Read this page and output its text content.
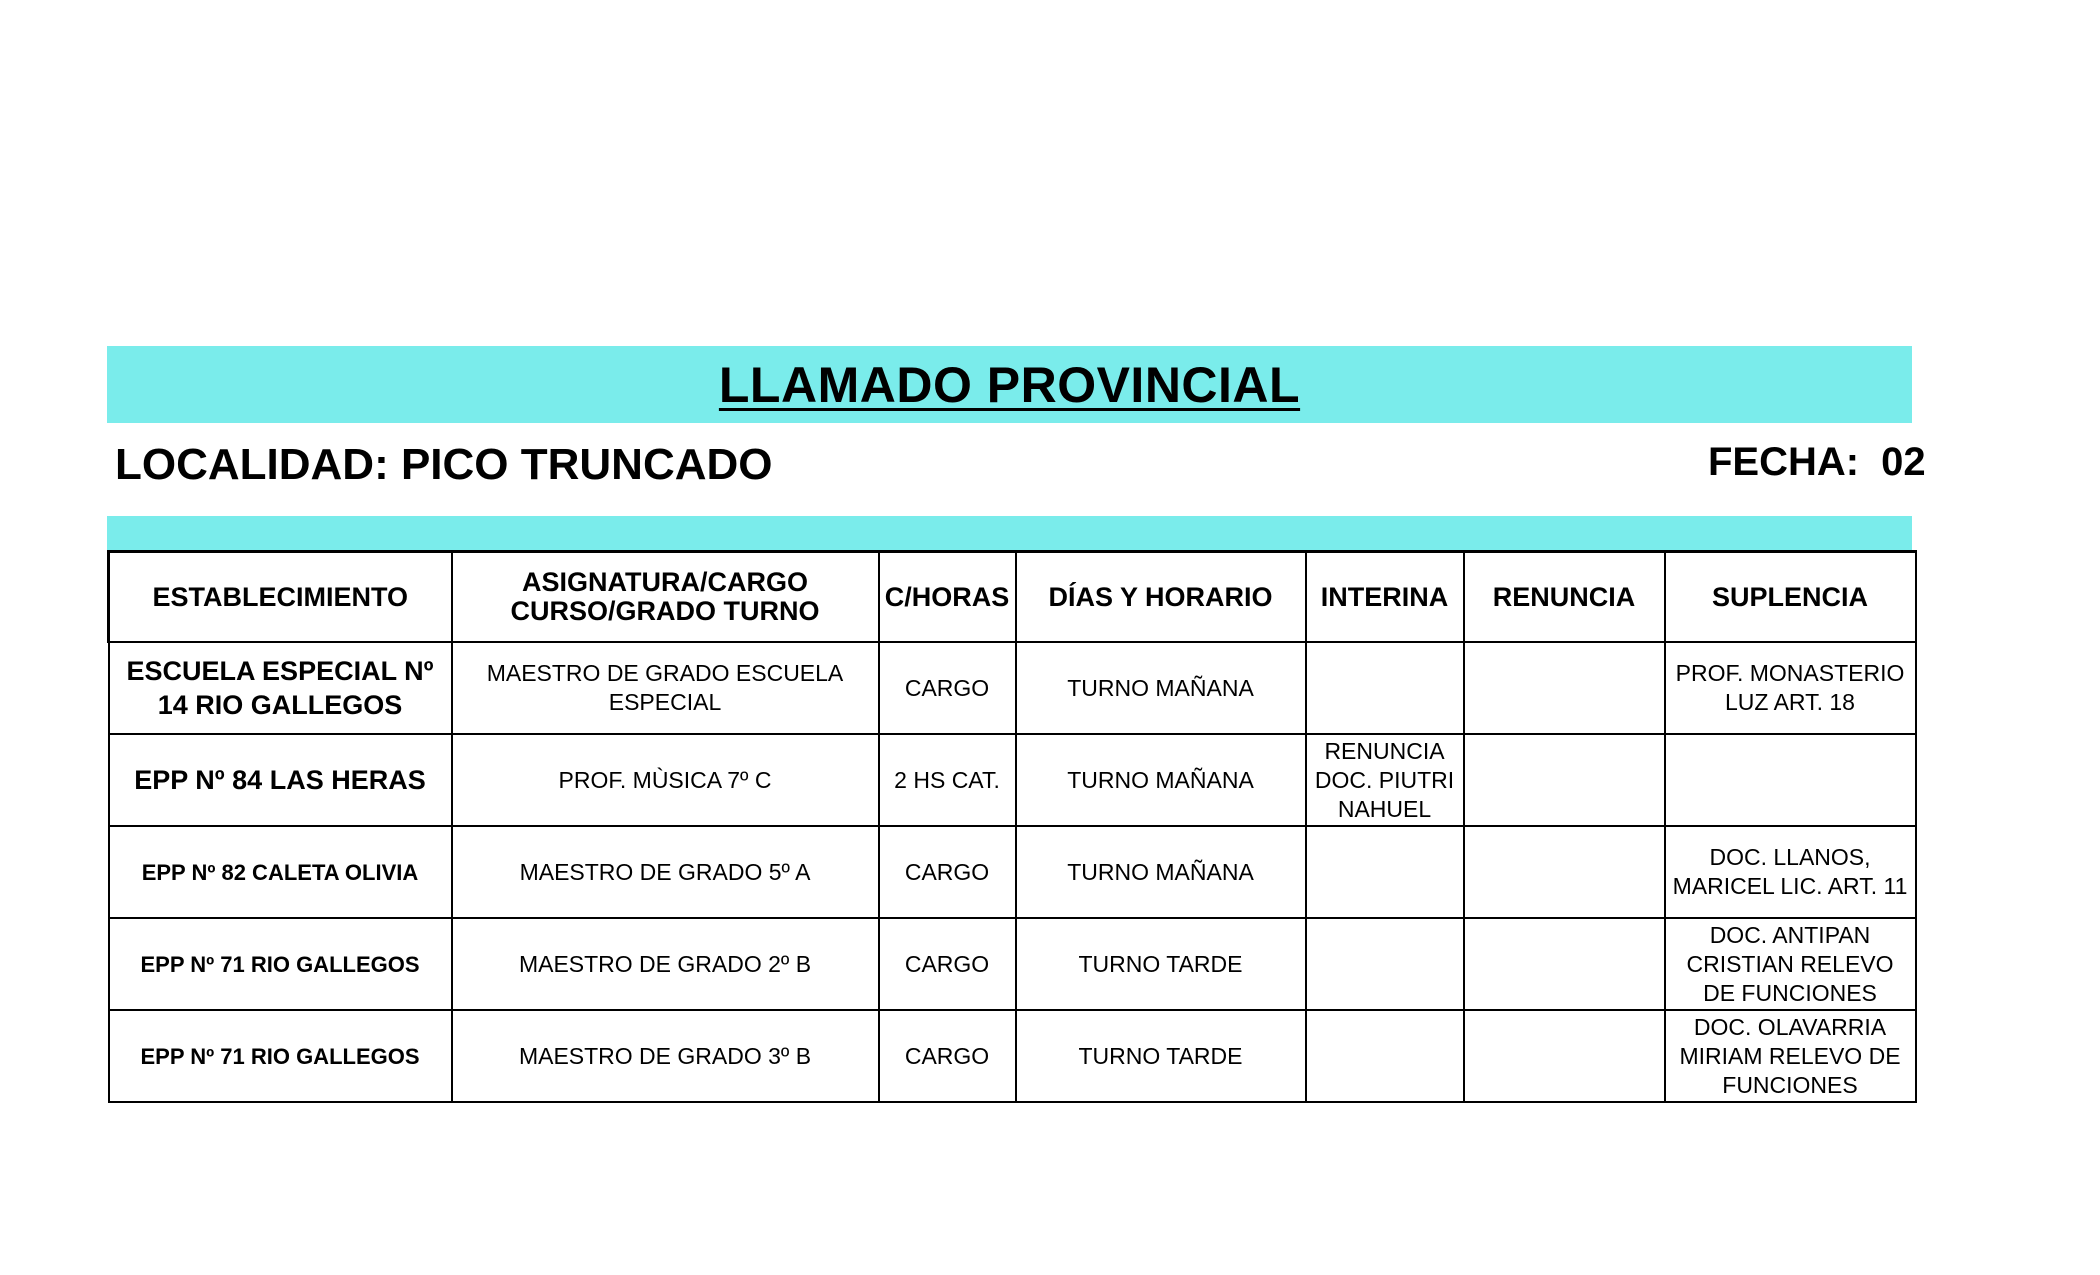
LLAMADO PROVINCIAL
LOCALIDAD: PICO TRUNCADO	FECHA: 02
ESTABLECIMIENTO	ASIGNATURA/CARGO CURSO/GRADO TURNO	C/HORAS	DÍAS Y HORARIO	INTERINA	RENUNCIA	SUPLENCIA
ESCUELA ESPECIAL Nº 14 RIO GALLEGOS	MAESTRO DE GRADO ESCUELA ESPECIAL	CARGO	TURNO MAÑANA			PROF. MONASTERIO LUZ ART. 18
EPP Nº 84 LAS HERAS	PROF. MÙSICA 7º C	2 HS CAT.	TURNO MAÑANA	RENUNCIA DOC. PIUTRI NAHUEL		
EPP Nº 82 CALETA OLIVIA	MAESTRO DE GRADO 5º A	CARGO	TURNO MAÑANA			DOC. LLANOS, MARICEL LIC. ART. 11
EPP Nº 71 RIO GALLEGOS	MAESTRO DE GRADO 2º B	CARGO	TURNO TARDE			DOC. ANTIPAN CRISTIAN RELEVO DE FUNCIONES
EPP Nº 71 RIO GALLEGOS	MAESTRO DE GRADO 3º B	CARGO	TURNO TARDE			DOC. OLAVARRIA MIRIAM RELEVO DE FUNCIONES
